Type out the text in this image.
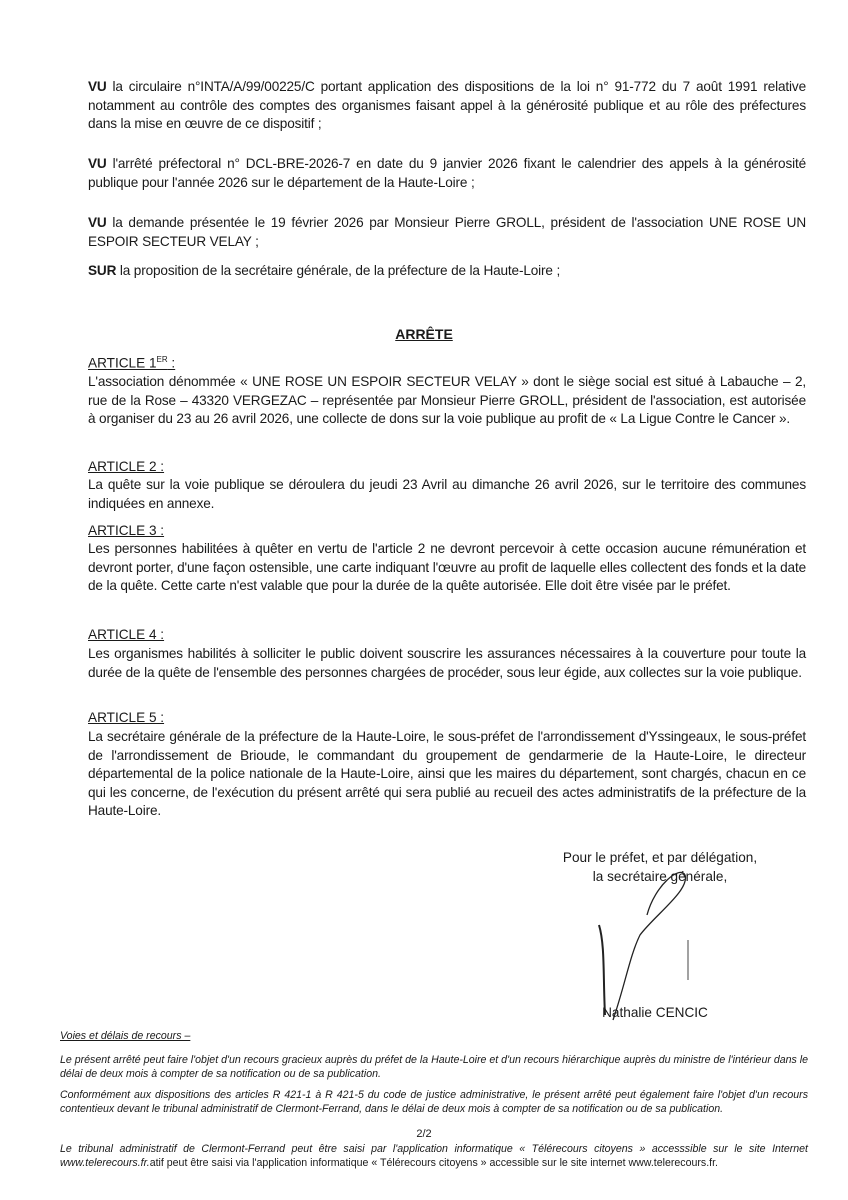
VU la circulaire n°INTA/A/99/00225/C portant application des dispositions de la loi n° 91-772 du 7 août 1991 relative notamment au contrôle des comptes des organismes faisant appel à la générosité publique et au rôle des préfectures dans la mise en œuvre de ce dispositif ;
VU l'arrêté préfectoral n° DCL-BRE-2026-7 en date du 9 janvier 2026 fixant le calendrier des appels à la générosité publique pour l'année 2026 sur le département de la Haute-Loire ;
VU la demande présentée le 19 février 2026 par Monsieur Pierre GROLL, président de l'association UNE ROSE UN ESPOIR SECTEUR VELAY ;
SUR la proposition de la secrétaire générale, de la préfecture de la Haute-Loire ;
ARRÊTE
ARTICLE 1ER :
L'association dénommée « UNE ROSE UN ESPOIR SECTEUR VELAY » dont le siège social est situé à Labauche – 2, rue de la Rose – 43320 VERGEZAC – représentée par Monsieur Pierre GROLL, président de l'association, est autorisée à organiser du 23 au 26 avril 2026, une collecte de dons sur la voie publique au profit de « La Ligue Contre le Cancer ».
ARTICLE 2 :
La quête sur la voie publique se déroulera du jeudi 23 Avril au dimanche 26 avril 2026, sur le territoire des communes indiquées en annexe.
ARTICLE 3 :
Les personnes habilitées à quêter en vertu de l'article 2 ne devront percevoir à cette occasion aucune rémunération et devront porter, d'une façon ostensible, une carte indiquant l'œuvre au profit de laquelle elles collectent des fonds et la date de la quête. Cette carte n'est valable que pour la durée de la quête autorisée. Elle doit être visée par le préfet.
ARTICLE 4 :
Les organismes habilités à solliciter le public doivent souscrire les assurances nécessaires à la couverture pour toute la durée de la quête de l'ensemble des personnes chargées de procéder, sous leur égide, aux collectes sur la voie publique.
ARTICLE 5 :
La secrétaire générale de la préfecture de la Haute-Loire, le sous-préfet de l'arrondissement d'Yssingeaux, le sous-préfet de l'arrondissement de Brioude, le commandant du groupement de gendarmerie de la Haute-Loire, le directeur départemental de la police nationale de la Haute-Loire, ainsi que les maires du département, sont chargés, chacun en ce qui les concerne, de l'exécution du présent arrêté qui sera publié au recueil des actes administratifs de la préfecture de la Haute-Loire.
Pour le préfet, et par délégation,
la secrétaire générale,
Nathalie CENCIC
Voies et délais de recours –
Le présent arrêté peut faire l'objet d'un recours gracieux auprès du préfet de la Haute-Loire et d'un recours hiérarchique auprès du ministre de l'intérieur dans le délai de deux mois à compter de sa notification ou de sa publication.
Conformément aux dispositions des articles R 421-1 à R 421-5 du code de justice administrative, le présent arrêté peut également faire l'objet d'un recours contentieux devant le tribunal administratif de Clermont-Ferrand, dans le délai de deux mois à compter de sa notification ou de sa publication.
2/2
Le tribunal administratif de Clermont-Ferrand peut être saisi par l'application informatique « Télérecours citoyens » accesssible sur le site Internet www.telerecours.fr.atif peut être saisi via l'application informatique « Télérecours citoyens » accessible sur le site internet www.telerecours.fr.
